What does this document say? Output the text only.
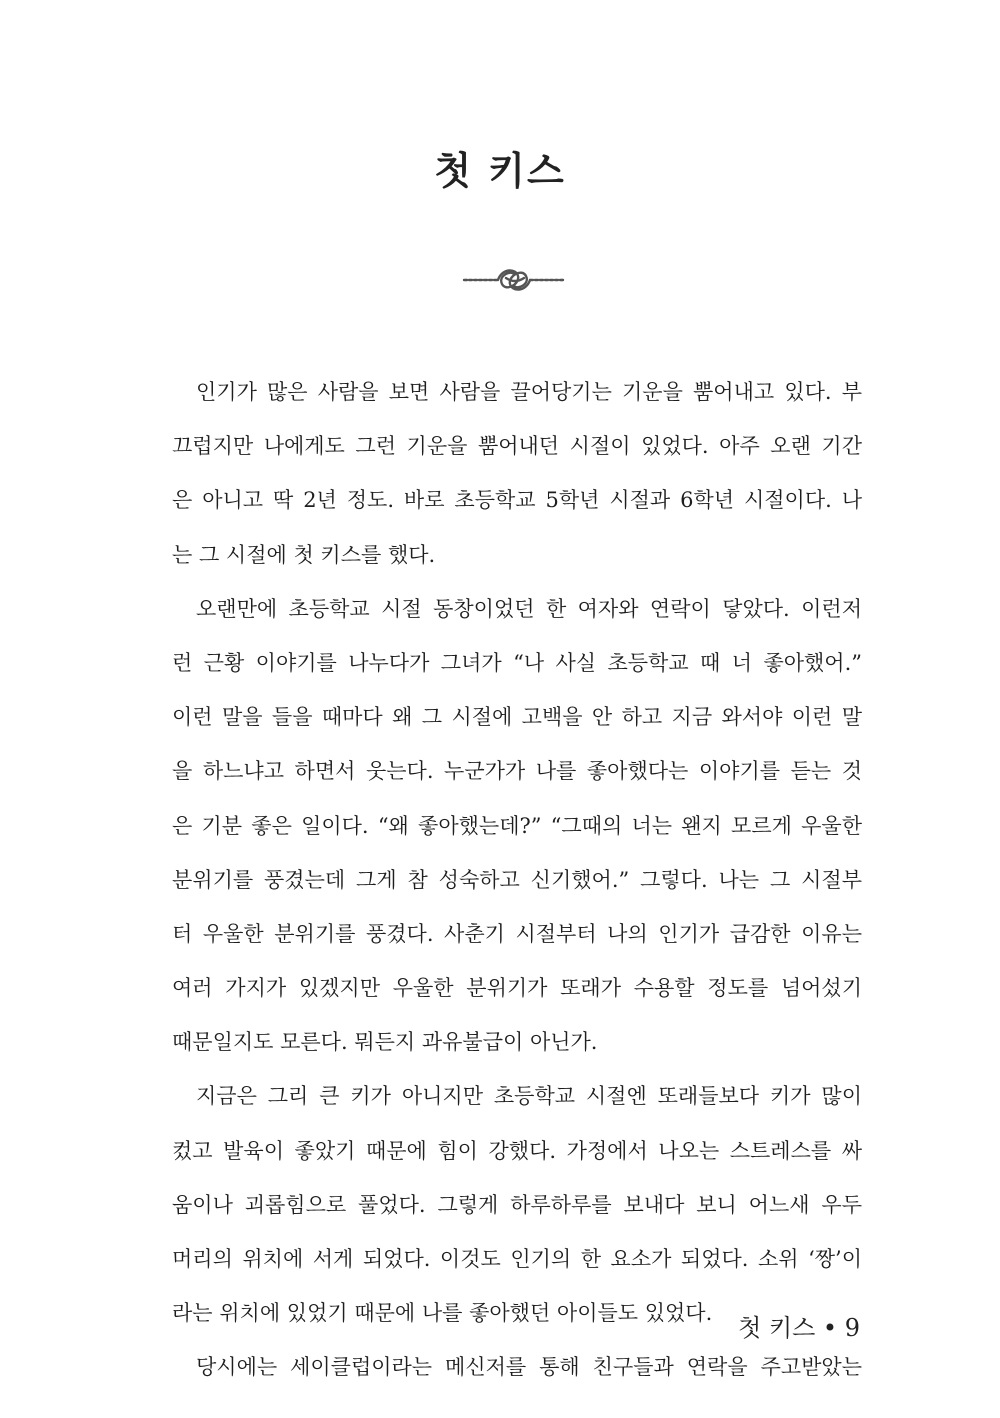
첫 키스
인기가 많은 사람을 보면 사람을 끌어당기는 기운을 뿜어내고 있다. 부
끄럽지만 나에게도 그런 기운을 뿜어내던 시절이 있었다. 아주 오랜 기간
은 아니고 딱 2년 정도. 바로 초등학교 5학년 시절과 6학년 시절이다. 나
는 그 시절에 첫 키스를 했다.
오랜만에 초등학교 시절 동창이었던 한 여자와 연락이 닿았다. 이런저
런 근황 이야기를 나누다가 그녀가 “나 사실 초등학교 때 너 좋아했어.”
이런 말을 들을 때마다 왜 그 시절에 고백을 안 하고 지금 와서야 이런 말
을 하느냐고 하면서 웃는다. 누군가가 나를 좋아했다는 이야기를 듣는 것
은 기분 좋은 일이다. “왜 좋아했는데?” “그때의 너는 왠지 모르게 우울한
분위기를 풍겼는데 그게 참 성숙하고 신기했어.” 그렇다. 나는 그 시절부
터 우울한 분위기를 풍겼다. 사춘기 시절부터 나의 인기가 급감한 이유는
여러 가지가 있겠지만 우울한 분위기가 또래가 수용할 정도를 넘어섰기
때문일지도 모른다. 뭐든지 과유불급이 아닌가.
지금은 그리 큰 키가 아니지만 초등학교 시절엔 또래들보다 키가 많이
컸고 발육이 좋았기 때문에 힘이 강했다. 가정에서 나오는 스트레스를 싸
움이나 괴롭힘으로 풀었다. 그렇게 하루하루를 보내다 보니 어느새 우두
머리의 위치에 서게 되었다. 이것도 인기의 한 요소가 되었다. 소위 ‘짱’이
라는 위치에 있었기 때문에 나를 좋아했던 아이들도 있었다.
당시에는 세이클럽이라는 메신저를 통해 친구들과 연락을 주고받았는
첫 키스 • 9
